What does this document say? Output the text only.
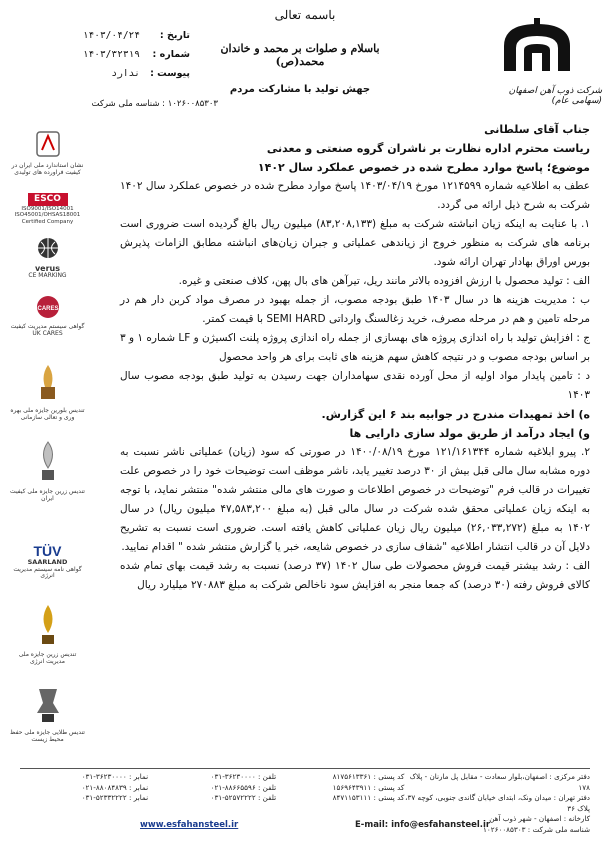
شرکت ذوب آهن اصفهان (سهامی عام)
باسمه تعالی
باسلام و صلوات بر محمد و خاندان محمد(ص)
جهش تولید با مشارکت مردم
تاریخ :
۱۴۰۳/۰۴/۲۴
شماره :
۱۴۰۳/۳۲۳۱۹
پیوست :
ندارد
۱۰۲۶۰۰۸۵۳۰۳ : شناسه ملی شرکت
نشان استاندارد ملی ایران در کیفیت فراورده های تولیدی
ESCO
ISO9001/ISO14001
ISO45001/OHSAS18001
Certified Company
verus
CE MARKING
CARES
گواهی سیستم مدیریت کیفیت UK CARES
تندیس بلورین جایزه ملی بهره وری و تعالی سازمانی
تندیس زرین جایزه ملی کیفیت ایران
TÜV
SAARLAND
گواهی نامه سیستم مدیریت انرژی
تندیس زرین جایزه ملی مدیریت انرژی
تندیس طلایی جایزه ملی حفظ محیط زیست

جناب آقای سلطانی

ریاست محترم اداره نظارت بر ناشران گروه صنعتی و معدنی

موضوع؛ پاسخ موارد مطرح شده در خصوص عملکرد سال ۱۴۰۲

عطف به اطلاعیه شماره ۱۲۱۴۵۹۹ مورخ ۱۴۰۳/۰۴/۱۹ پاسخ موارد مطرح شده در خصوص عملکرد سال ۱۴۰۲ شرکت به شرح ذیل ارائه می گردد.

۱. با عنایت به اینکه زیان انباشته شرکت به مبلغ (۸۳,۲۰۸,۱۳۳) میلیون ریال بالغ گردیده است ضروری است برنامه های شرکت به منظور خروج از زیاندهی عملیاتی و جبران زیان‌های انباشته مطابق الزامات پذیرش بورس اوراق بهادار تهران ارائه شود.

الف : تولید محصول با ارزش افزوده بالاتر مانند ریل، تیرآهن های بال پهن، کلاف صنعتی و غیره.

ب : مدیریت هزینه ها در سال ۱۴۰۳ طبق بودجه مصوب، از جمله بهبود در مصرف مواد کربن دار هم در مرحله تامین و هم در مرحله مصرف، خرید زغالسنگ وارداتی SEMI HARD با قیمت کمتر.

ج : افزایش تولید با راه اندازی پروژه های بهسازی از جمله راه اندازی پروژه پلنت اکسیژن و LF شماره ۱ و ۳ بر اساس بودجه مصوب و در نتیجه کاهش سهم هزینه های ثابت برای هر واحد محصول

د : تامین پایدار مواد اولیه از محل آورده نقدی سهامداران جهت رسیدن به تولید طبق بودجه مصوب سال ۱۴۰۳

ه) اخذ تمهیدات مندرج در جوابیه بند ۶ این گزارش.

و) ایجاد درآمد از طریق مولد سازی دارایی ها

۲. پیرو ابلاغیه شماره ۱۲۱/۱۶۱۳۴۴ مورخ ۱۴۰۰/۰۸/۱۹ در صورتی که سود (زیان) عملیاتی ناشر نسبت به دوره مشابه سال مالی قبل بیش از ۳۰ درصد تغییر یابد، ناشر موظف است توضیحات خود را در خصوص علت تغییرات در قالب فرم "توضیحات در خصوص اطلاعات و صورت های مالی منتشر شده" منتشر نماید، با توجه به اینکه زیان عملیاتی محقق شده شرکت در سال مالی قبل (به مبلغ ۴۷,۵۸۳,۲۰۰ میلیون ریال) در سال ۱۴۰۲ به مبلغ (۲۶,۰۳۳,۲۷۲) میلیون ریال زیان عملیاتی کاهش یافته است. ضروری است نسبت به تشریح دلایل آن در قالب انتشار اطلاعیه "شفاف سازی در خصوص شایعه، خبر یا گزارش منتشر شده " اقدام نمایید.

الف : رشد بیشتر قیمت فروش محصولات طی سال ۱۴۰۲ (۳۷ درصد) نسبت به رشد قیمت بهای تمام شده کالای فروش رفته (۳۰ درصد) که جمعا منجر به افزایش سود ناخالص شرکت به مبلغ ۲۷۰۸۸۳ میلیارد ریال

دفتر مرکزی : اصفهان،بلوار سعادت - مقابل پل مارنان - پلاک ۱۷۸
دفتر تهران : میدان ونک، ابتدای خیابان گاندی جنوبی، کوچه ۳۷، پلاک ۳۶
کارخانه : اصفهان - شهر ذوب آهن
شناسه ملی شرکت : ۱۰۲۶۰۰۸۵۳۰۳
کد پستی : ۸۱۷۵۶۱۳۳۶۱
کد پستی : ۱۵۶۹۶۴۳۹۱۱
کد پستی : ۸۴۷۱۱۵۳۱۱۱
تلفن : ۳۶۲۳۰۰۰۰-۰۳۱
تلفن : ۸۸۶۶۵۵۹۶-۰۲۱
تلفن : ۵۲۵۷۲۲۲۲-۰۳۱
نمابر : ۳۶۲۳۰۰۰۰-۰۳۱
نمابر : ۸۸۰۸۴۸۳۹-۰۲۱
نمابر : ۵۲۳۳۲۲۲۲-۰۳۱
www.esfahansteel.ir	E-mail: info@esfahansteel.ir
